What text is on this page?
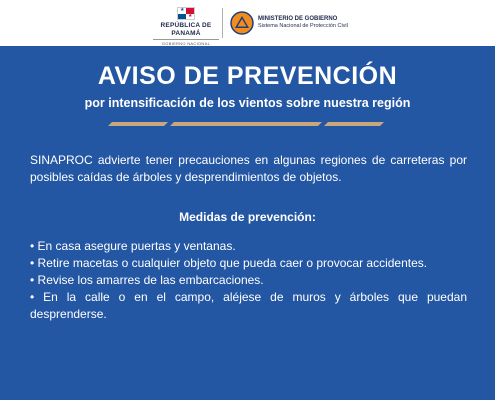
★
★
REPÚBLICA DE PANAMÁ
GOBIERNO NACIONAL
MINISTERIO DE GOBIERNO
Sistema Nacional de Protección Civil
AVISO DE PREVENCIÓN
por intensificación de los vientos sobre nuestra región
SINAPROC advierte tener precauciones en algunas regiones de carreteras por posibles caídas de árboles y desprendimientos de objetos.
Medidas de prevención:
• En casa asegure puertas y ventanas.
• Retire macetas o cualquier objeto que pueda caer o provocar accidentes.
• Revise los amarres de las embarcaciones.
• En la calle o en el campo, aléjese de muros y árboles que puedan desprenderse.
